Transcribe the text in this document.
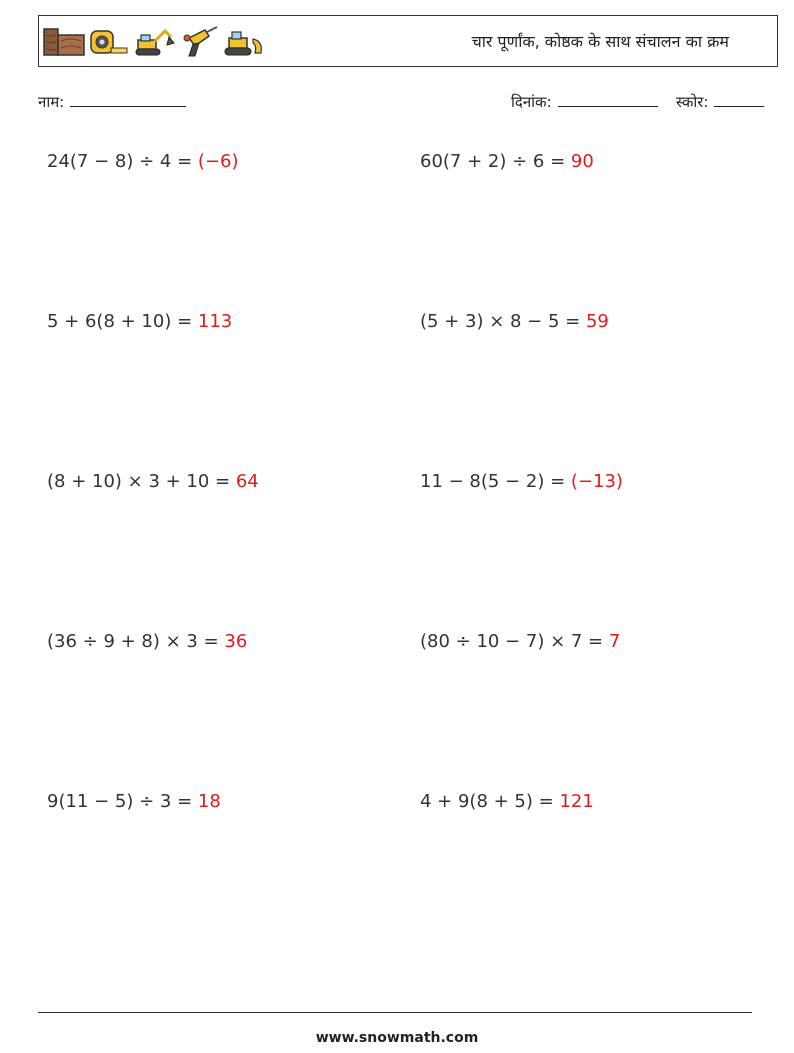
चार पूर्णांक, कोष्ठक के साथ संचालन का क्रम
नाम:	दिनांक:	स्कोर:
24(7 − 8) ÷ 4 = (−6)	60(7 + 2) ÷ 6 = 90
5 + 6(8 + 10) = 113	(5 + 3) × 8 − 5 = 59
(8 + 10) × 3 + 10 = 64	11 − 8(5 − 2) = (−13)
(36 ÷ 9 + 8) × 3 = 36	(80 ÷ 10 − 7) × 7 = 7
9(11 − 5) ÷ 3 = 18	4 + 9(8 + 5) = 121
www.snowmath.com
